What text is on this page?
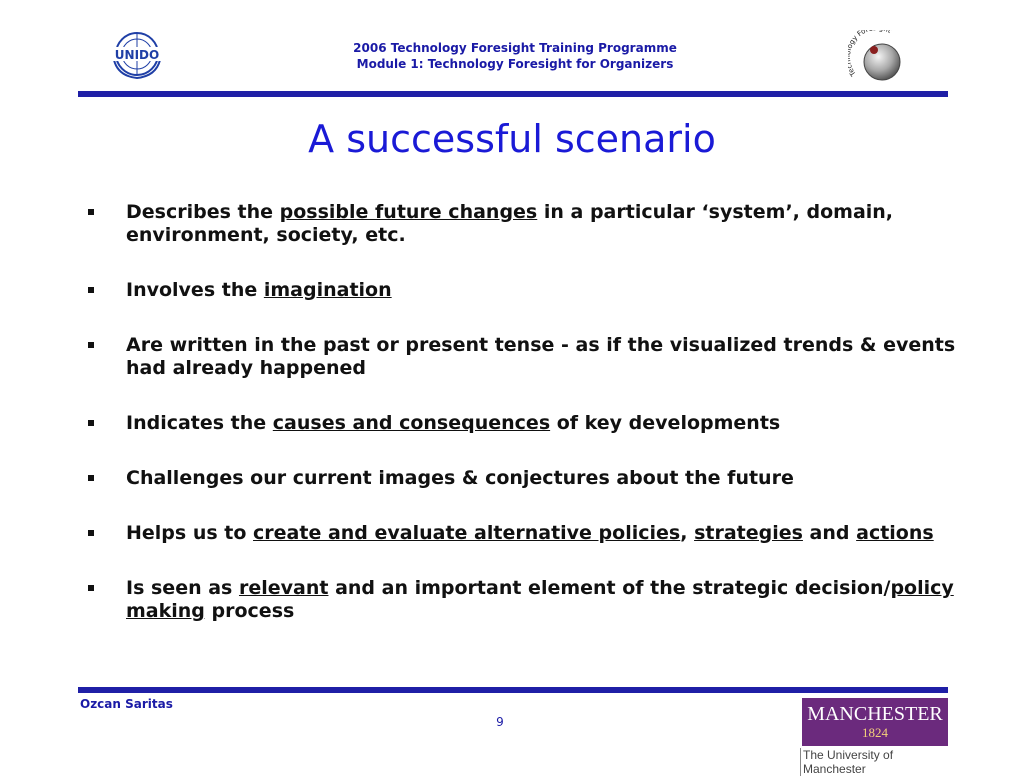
UNIDO	2006 Technology Foresight Training Programme
Module 1: Technology Foresight for Organizers
T gy Fo t
A successful scenario
Describes the possible future changes in a particular ‘system’, domain, environment, society, etc.
Involves the imagination
Are written in the past or present tense - as if the visualized trends & events had already happened
Indicates the causes and consequences of key developments
Challenges our current images & conjectures about the future
Helps us to create and evaluate alternative policies, strategies and actions
Is seen as relevant and an important element of the strategic decision/policy making process
Ozcan Saritas
9	MANCHESTER
1824
The University of Manchester
